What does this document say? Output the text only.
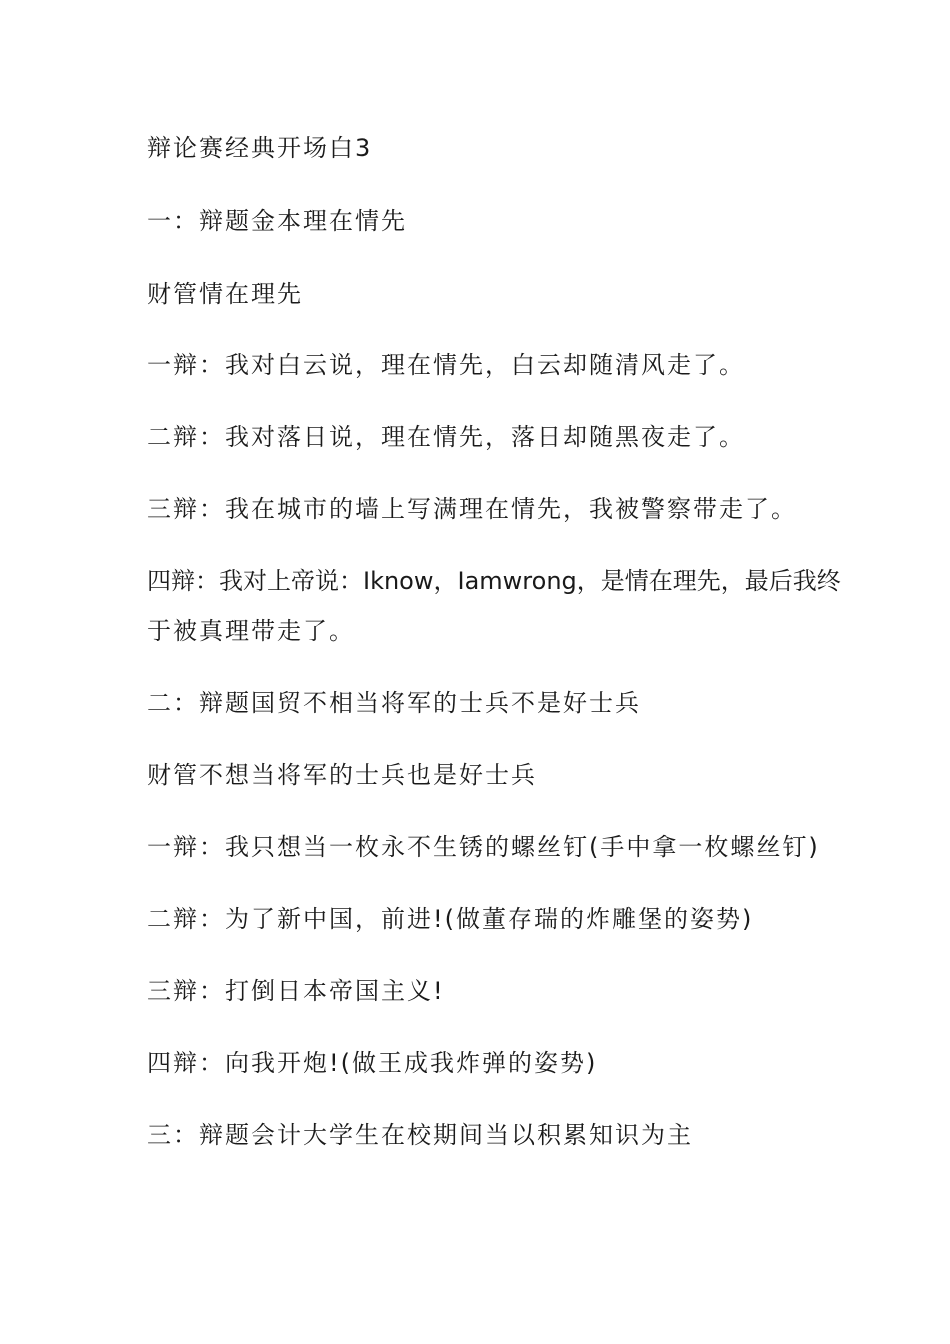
辩论赛经典开场白3
一：辩题金本理在情先
财管情在理先
一辩：我对白云说，理在情先，白云却随清风走了。
二辩：我对落日说，理在情先，落日却随黑夜走了。
三辩：我在城市的墙上写满理在情先，我被警察带走了。
四辩：我对上帝说：Iknow，Iamwrong，是情在理先，最后我终
于被真理带走了。
二：辩题国贸不相当将军的士兵不是好士兵
财管不想当将军的士兵也是好士兵
一辩：我只想当一枚永不生锈的螺丝钉(手中拿一枚螺丝钉)
二辩：为了新中国，前进!(做董存瑞的炸雕堡的姿势)
三辩：打倒日本帝国主义!
四辩：向我开炮!(做王成我炸弹的姿势)
三：辩题会计大学生在校期间当以积累知识为主
